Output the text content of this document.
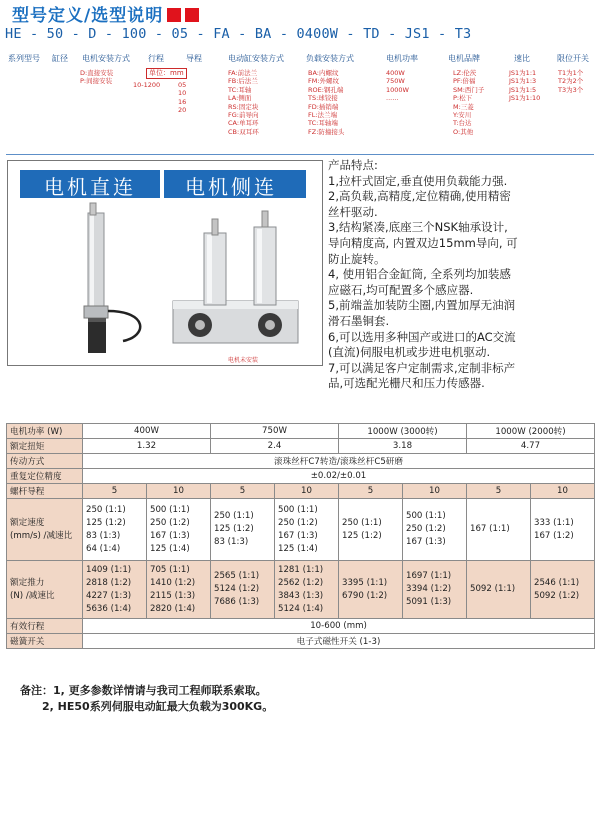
型号定义/选型说明
HE - 50 - D - 100 - 05 - FA - BA - 0400W - TD - JS1 - T3
系列型号 缸径 电机安装方式 行程	导程	电动缸安装方式	负载安装方式	电机功率	电机品牌	速比	限位开关
D:直接安装
P:间接安装
单位：mm
10-1200	05
10
16
20
FA:前法兰
FB:后法兰
TC:耳轴
LA:侧面
RS:固定块
FG:前导向
CA:单耳环
CB:双耳环
BA:内螺纹
FM:外螺纹
ROE:钢孔端
TS:球铰接
FD:插销端
FL:法兰端
TC:耳轴端
FZ:防撞接头
400W
750W
1000W
......
LZ:伦茨
PF:倍福
SM:西门子
P:松下
M:三菱
Y:安川
T:台达
O:其他
JS1为1:1
JS1为1:3
JS1为1:5
JS1为1:10
T1为1个
T2为2个
T3为3个
电机直连 电机侧连
电机未安装
产品特点:
1,拉杆式固定,垂直使用负载能力强.
2,高负载,高精度,定位精确,使用精密
丝杆驱动.
3,结构紧凑,底座三个NSK轴承设计,
导向精度高, 内置双边15mm导向, 可
防止旋转。
4, 使用铝合金缸筒, 全系列均加装感
应磁石,均可配置多个感应器.
5,前端盖加装防尘圈,内置加厚无油润
滑石墨铜套.
6,可以选用多种国产或进口的AC交流
(直流)伺服电机或步进电机驱动.
7,可以满足客户定制需求,定制非标产
品,可选配光栅尺和压力传感器.
电机功率 (W)	400W		750W		1000W (3000转)		1000W (2000转)	
额定扭矩	1.32		2.4		3.18		4.77	
传动方式	滚珠丝杆C7转造/滚珠丝杆C5研磨							
重复定位精度	±0.02/±0.01							
螺杆导程	5	10	5	10	5	10	5	10
额定速度
(mm/s) /减速比	250 (1:1)
125 (1:2)
83 (1:3)
64 (1:4)	500 (1:1)
250 (1:2)
167 (1:3)
125 (1:4)	250 (1:1)
125 (1:2)
83 (1:3)	500 (1:1)
250 (1:2)
167 (1:3)
125 (1:4)	250 (1:1)
125 (1:2)	500 (1:1)
250 (1:2)
167 (1:3)	167 (1:1)	333 (1:1)
167 (1:2)
额定推力
(N) /减速比	1409 (1:1)
2818 (1:2)
4227 (1:3)
5636 (1:4)	705 (1:1)
1410 (1:2)
2115 (1:3)
2820 (1:4)	2565 (1:1)
5124 (1:2)
7686 (1:3)	1281 (1:1)
2562 (1:2)
3843 (1:3)
5124 (1:4)	3395 (1:1)
6790 (1:2)	1697 (1:1)
3394 (1:2)
5091 (1:3)	5092 (1:1)	2546 (1:1)
5092 (1:2)
有效行程	10-600 (mm)							
磁簧开关	电子式磁性开关 (1-3)							
备注：1, 更多参数详情请与我司工程师联系索取。
2, HE50系列伺服电动缸最大负载为300KG。
